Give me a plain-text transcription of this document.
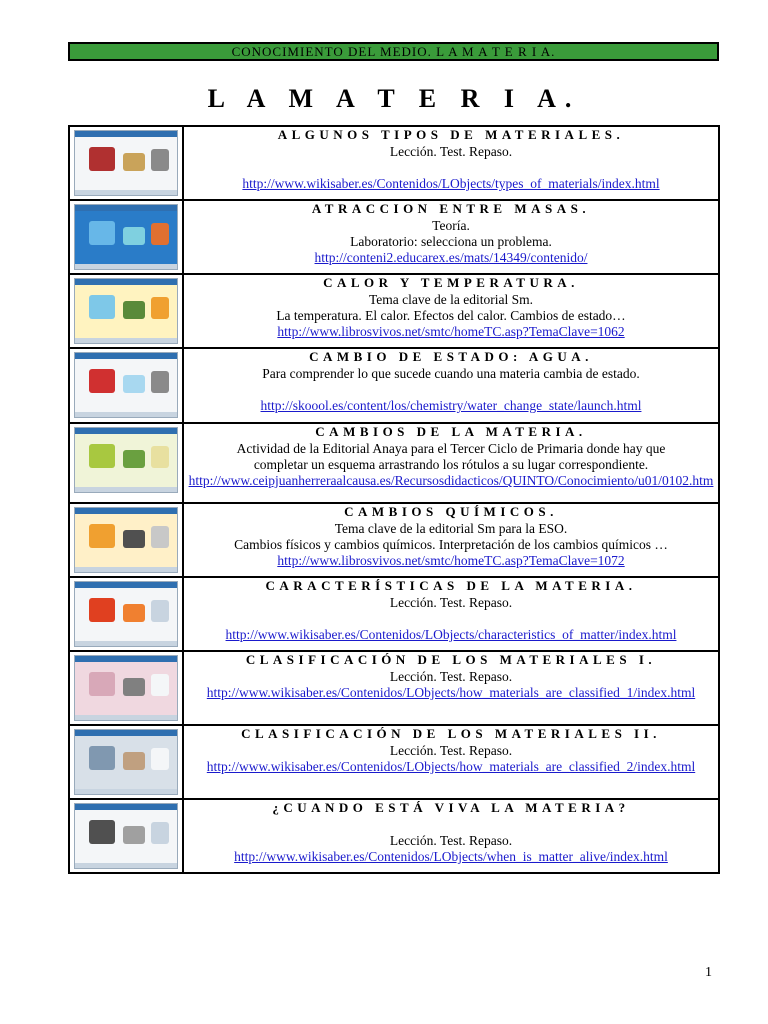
CONOCIMIENTO DEL MEDIO. L A M A T E R I A.
L A M A T E R I A.

	ALGUNOS TIPOS DE MATERIALES.
Lección. Test. Repaso.
http://www.wikisaber.es/Contenidos/LObjects/types_of_materials/index.html

	ATRACCION ENTRE MASAS.
Teoría.
Laboratorio: selecciona un problema.
http://conteni2.educarex.es/mats/14349/contenido/

	CALOR Y TEMPERATURA.
Tema clave de la editorial Sm.
La temperatura. El calor. Efectos del calor. Cambios de estado…
http://www.librosvivos.net/smtc/homeTC.asp?TemaClave=1062

	CAMBIO DE ESTADO: AGUA.
Para comprender lo que sucede cuando una materia cambia de estado.
http://skoool.es/content/los/chemistry/water_change_state/launch.html

	CAMBIOS DE LA MATERIA.
Actividad de la Editorial Anaya para el Tercer Ciclo de Primaria donde hay que
completar un esquema arrastrando los rótulos a su lugar correspondiente.
http://www.ceipjuanherreraalcausa.es/Recursosdidacticos/QUINTO/Conocimiento/u01/0102.htm

	CAMBIOS QUÍMICOS.
Tema clave de la editorial Sm para la ESO.
Cambios físicos y cambios químicos. Interpretación de los cambios químicos …
http://www.librosvivos.net/smtc/homeTC.asp?TemaClave=1072

	CARACTERÍSTICAS DE LA MATERIA.
Lección. Test. Repaso.
http://www.wikisaber.es/Contenidos/LObjects/characteristics_of_matter/index.html

	CLASIFICACIÓN DE LOS MATERIALES I.
Lección. Test. Repaso.
http://www.wikisaber.es/Contenidos/LObjects/how_materials_are_classified_1/index.html

	CLASIFICACIÓN DE LOS MATERIALES II.
Lección. Test. Repaso.
http://www.wikisaber.es/Contenidos/LObjects/how_materials_are_classified_2/index.html

	¿CUANDO ESTÁ VIVA LA MATERIA?
Lección. Test. Repaso.
http://www.wikisaber.es/Contenidos/LObjects/when_is_matter_alive/index.html
1
